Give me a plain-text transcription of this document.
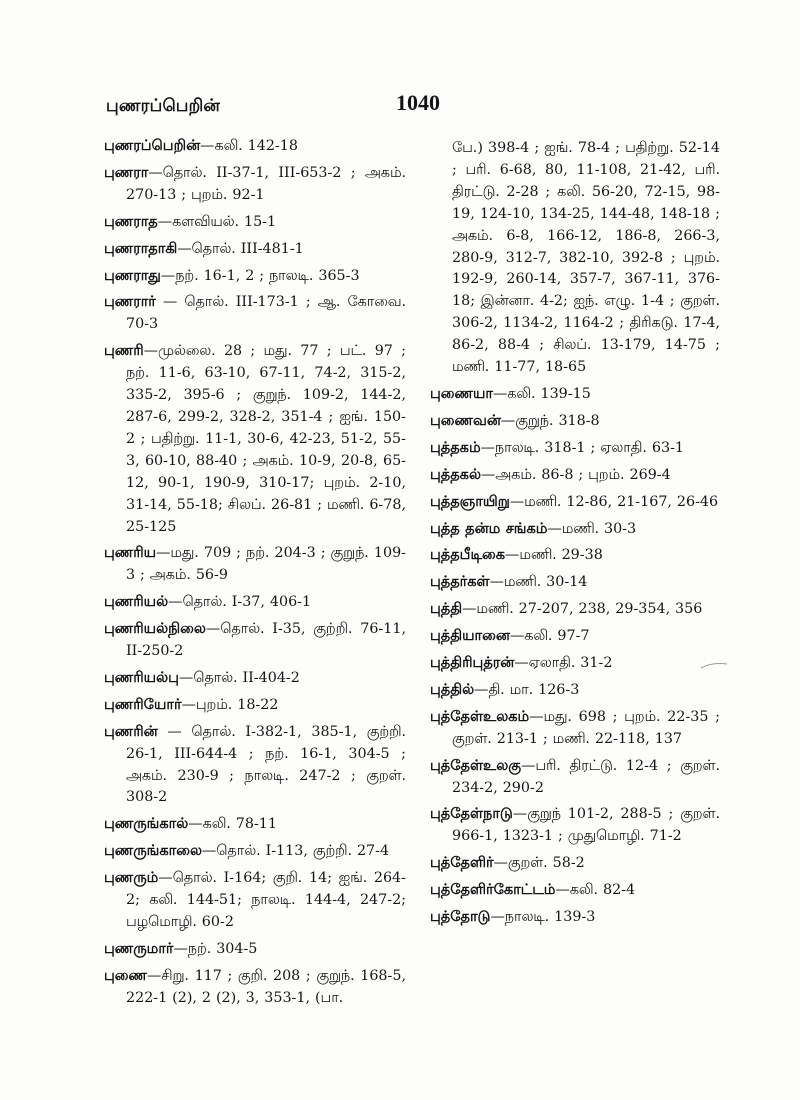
புணரப்பெறின்	1040
புணரப்பெறின்—கலி. 142-18
புணரா—தொல். II-37-1, III-653-2 ; அகம். 270-13 ; புறம். 92-1
புணராத—களவியல். 15-1
புணராதாகி—தொல். III-481-1
புணராது—நற். 16-1, 2 ; நாலடி. 365-3
புணரார் — தொல். III-173-1 ; ஆ. கோவை. 70-3
புணரி—முல்லை. 28 ; மது. 77 ; பட். 97 ; நற். 11-6, 63-10, 67-11, 74-2, 315-2, 335-2, 395-6 ; குறுந். 109-2, 144-2, 287-6, 299-2, 328-2, 351-4 ; ஐங். 150-2 ; பதிற்று. 11-1, 30-6, 42-23, 51-2, 55-3, 60-10, 88-40 ; அகம். 10-9, 20-8, 65-12, 90-1, 190-9, 310-17; புறம். 2-10, 31-14, 55-18; சிலப். 26-81 ; மணி. 6-78, 25-125
புணரிய—மது. 709 ; நற். 204-3 ; குறுந். 109-3 ; அகம். 56-9
புணரியல்—தொல். I-37, 406-1
புணரியல்நிலை—தொல். I-35, குற்றி. 76-11, II-250-2
புணரியல்பு—தொல். II-404-2
புணரியோர்—புறம். 18-22
புணரின் — தொல். I-382-1, 385-1, குற்றி. 26-1, III-644-4 ; நற். 16-1, 304-5 ; அகம். 230-9 ; நாலடி. 247-2 ; குறள். 308-2
புணருங்கால்—கலி. 78-11
புணருங்காலை—தொல். I-113, குற்றி. 27-4
புணரும்—தொல். I-164; குறி. 14; ஐங். 264-2; கலி. 144-51; நாலடி. 144-4, 247-2; பழமொழி. 60-2
புணருமார்—நற். 304-5
புணை—சிறு. 117 ; குறி. 208 ; குறுந். 168-5, 222-1 (2), 2 (2), 3, 353-1, (பா.
பே.) 398-4 ; ஐங். 78-4 ; பதிற்று. 52-14 ; பரி. 6-68, 80, 11-108, 21-42, பரி. திரட்டு. 2-28 ; கலி. 56-20, 72-15, 98-19, 124-10, 134-25, 144-48, 148-18 ; அகம். 6-8, 166-12, 186-8, 266-3, 280-9, 312-7, 382-10, 392-8 ; புறம். 192-9, 260-14, 357-7, 367-11, 376-18; இன்னா. 4-2; ஐந். எழு. 1-4 ; குறள். 306-2, 1134-2, 1164-2 ; திரிகடு. 17-4, 86-2, 88-4 ; சிலப். 13-179, 14-75 ; மணி. 11-77, 18-65
புணையா—கலி. 139-15
புணைவன்—குறுந். 318-8
புத்தகம்—நாலடி. 318-1 ; ஏலாதி. 63-1
புத்தகல்—அகம். 86-8 ; புறம். 269-4
புத்தஞாயிறு—மணி. 12-86, 21-167, 26-46
புத்த தன்ம சங்கம்—மணி. 30-3
புத்தபீடிகை—மணி. 29-38
புத்தர்கள்—மணி. 30-14
புத்தி—மணி. 27-207, 238, 29-354, 356
புத்தியானை—கலி. 97-7
புத்திரிபுத்ரன்—ஏலாதி. 31-2
புத்தில்—தி. மா. 126-3
புத்தேள்உலகம்—மது. 698 ; புறம். 22-35 ; குறள். 213-1 ; மணி. 22-118, 137
புத்தேள்உலகு—பரி. திரட்டு. 12-4 ; குறள். 234-2, 290-2
புத்தேள்நாடு—குறுந் 101-2, 288-5 ; குறள். 966-1, 1323-1 ; முதுமொழி. 71-2
புத்தேளிர்—குறள். 58-2
புத்தேளிர்கோட்டம்—கலி. 82-4
புத்தோடு—நாலடி. 139-3
